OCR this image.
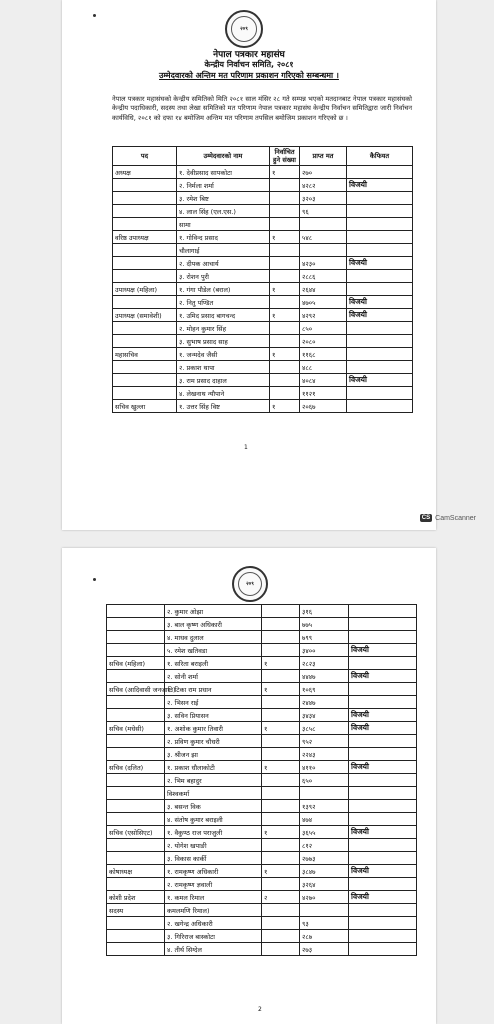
२०९
नेपाल पत्रकार महासंघ
केन्द्रीय निर्वाचन समिति, २०८१
उम्मेदवारको अन्तिम मत परिणाम प्रकाशन गरिएको सम्बन्धमा ।
नेपाल पत्रकार महासंघको केन्द्रीय समितिको मिति २०८१ साल मंसिर २८ गते सम्पन्न भएको मतदानबाट नेपाल पत्रकार महासंघको केन्द्रीय पदाधिकारी, सदस्य तथा लेखा समितिको मत परिणाम नेपाल पत्रकार महासंघ केन्द्रीय निर्वाचन समितिद्वारा जारी निर्वाचन कार्यविधि, २०८१ को दफा १४ बमोजिम अन्तिम मत परिणाम तपसिल बमोजिम प्रकाशन गरिएको छ ।
पद	उम्मेदवारको नाम	निर्वाचित हुने संख्या	प्राप्त मत	कैफियत
अध्यक्ष	१. देवीप्रसाद सापकोटा	१	२७०	
	२. निर्मला शर्मा		४२८२	विजयी
	३. रमेश बिष्ट		३२०३	
	४. लाल सिंह (एल.एस.)		९६	
	सामा			
वरिष्ठ उपाध्यक्ष	१. गोविन्द प्रसाद	१	५४८	
	चौलागाई			
	२. दीपक आचार्य		४२३०	विजयी
	३. रोशन पुरी		२८८६	
उपाध्यक्ष (महिला)	१. गंगा पौडेल (बराल)	१	२६४४	
	२. नितु पण्डित		४७०५	विजयी
उपाध्यक्ष (समावेशी)	१. उमिद प्रसाद बागचन्द	१	४२९२	विजयी
	२. मोहन कुमार सिंह		८५०	
	३. सुभाष प्रसाद साह		२०८०	
महासचिव	१. जन्मदेव जैसी	१	११६८	
	२. प्रकाश थापा		४८८	
	३. राम प्रसाद दाहाल		४०८४	विजयी
	४. लेखनाथ न्यौपाने		११२१	
सचिव खुल्ला	१. उत्तर सिंह विष्ट	१	२०६७	
1
CS CamScanner
२०९
	२. कुमार ओझा		३१६	
	३. बाल कृष्ण अधिकारी		७७५	
	४. माधव दुलाल		७९९	
	५. रमेश खतिवडा		३४००	विजयी
सचिव (महिला)	१. सरिता बराइली	१	२८२३	
	२. सोनी शर्मा		४४४७	विजयी
सचिव (आदिवासी जनजाति)	१. टिका राम प्रधान	१	१०६९	
	२. भिसन राई		२४४७	
	३. सविन प्रियासन		३४३४	विजयी
सचिव (मधेसी)	१. अशोक कुमार तिवारी	१	३८५८	विजयी
	२. प्रविण कुमार चौधरी		९५२	
	३. श्रीजन झा		२२४३	
सचिव (दलित)	१. प्रकाश धौलाकोटी	१	४११०	विजयी
	२. भिम बहादुर		६५०	
	विश्वकर्मा			
	३. बसन्त विक		१३९२	
	४. संतोष कुमार बराइली		४७४	
सचिव (एसोसिएट)	१. वैकुण्ठ राज पराजुली	१	३६५५	विजयी
	२. योगेश खपाङी		८१२	
	३. विकास कार्की		२७७३	
कोषाध्यक्ष	१. रामकृष्ण अधिकारी	१	३८४७	विजयी
	२. रामकृष्ण ज्ञवाली		३२६४	
कोशी प्रदेश	१. कमल रिमाल	२	४२७०	विजयी
सदस्य	कमलमणि रिमाल)			
	२. खगेन्द्र अधिकारी		९३	
	३. गिरिराज बास्कोटा		२८७	
	४. तीर्थ सिग्देल		२७३	
2
